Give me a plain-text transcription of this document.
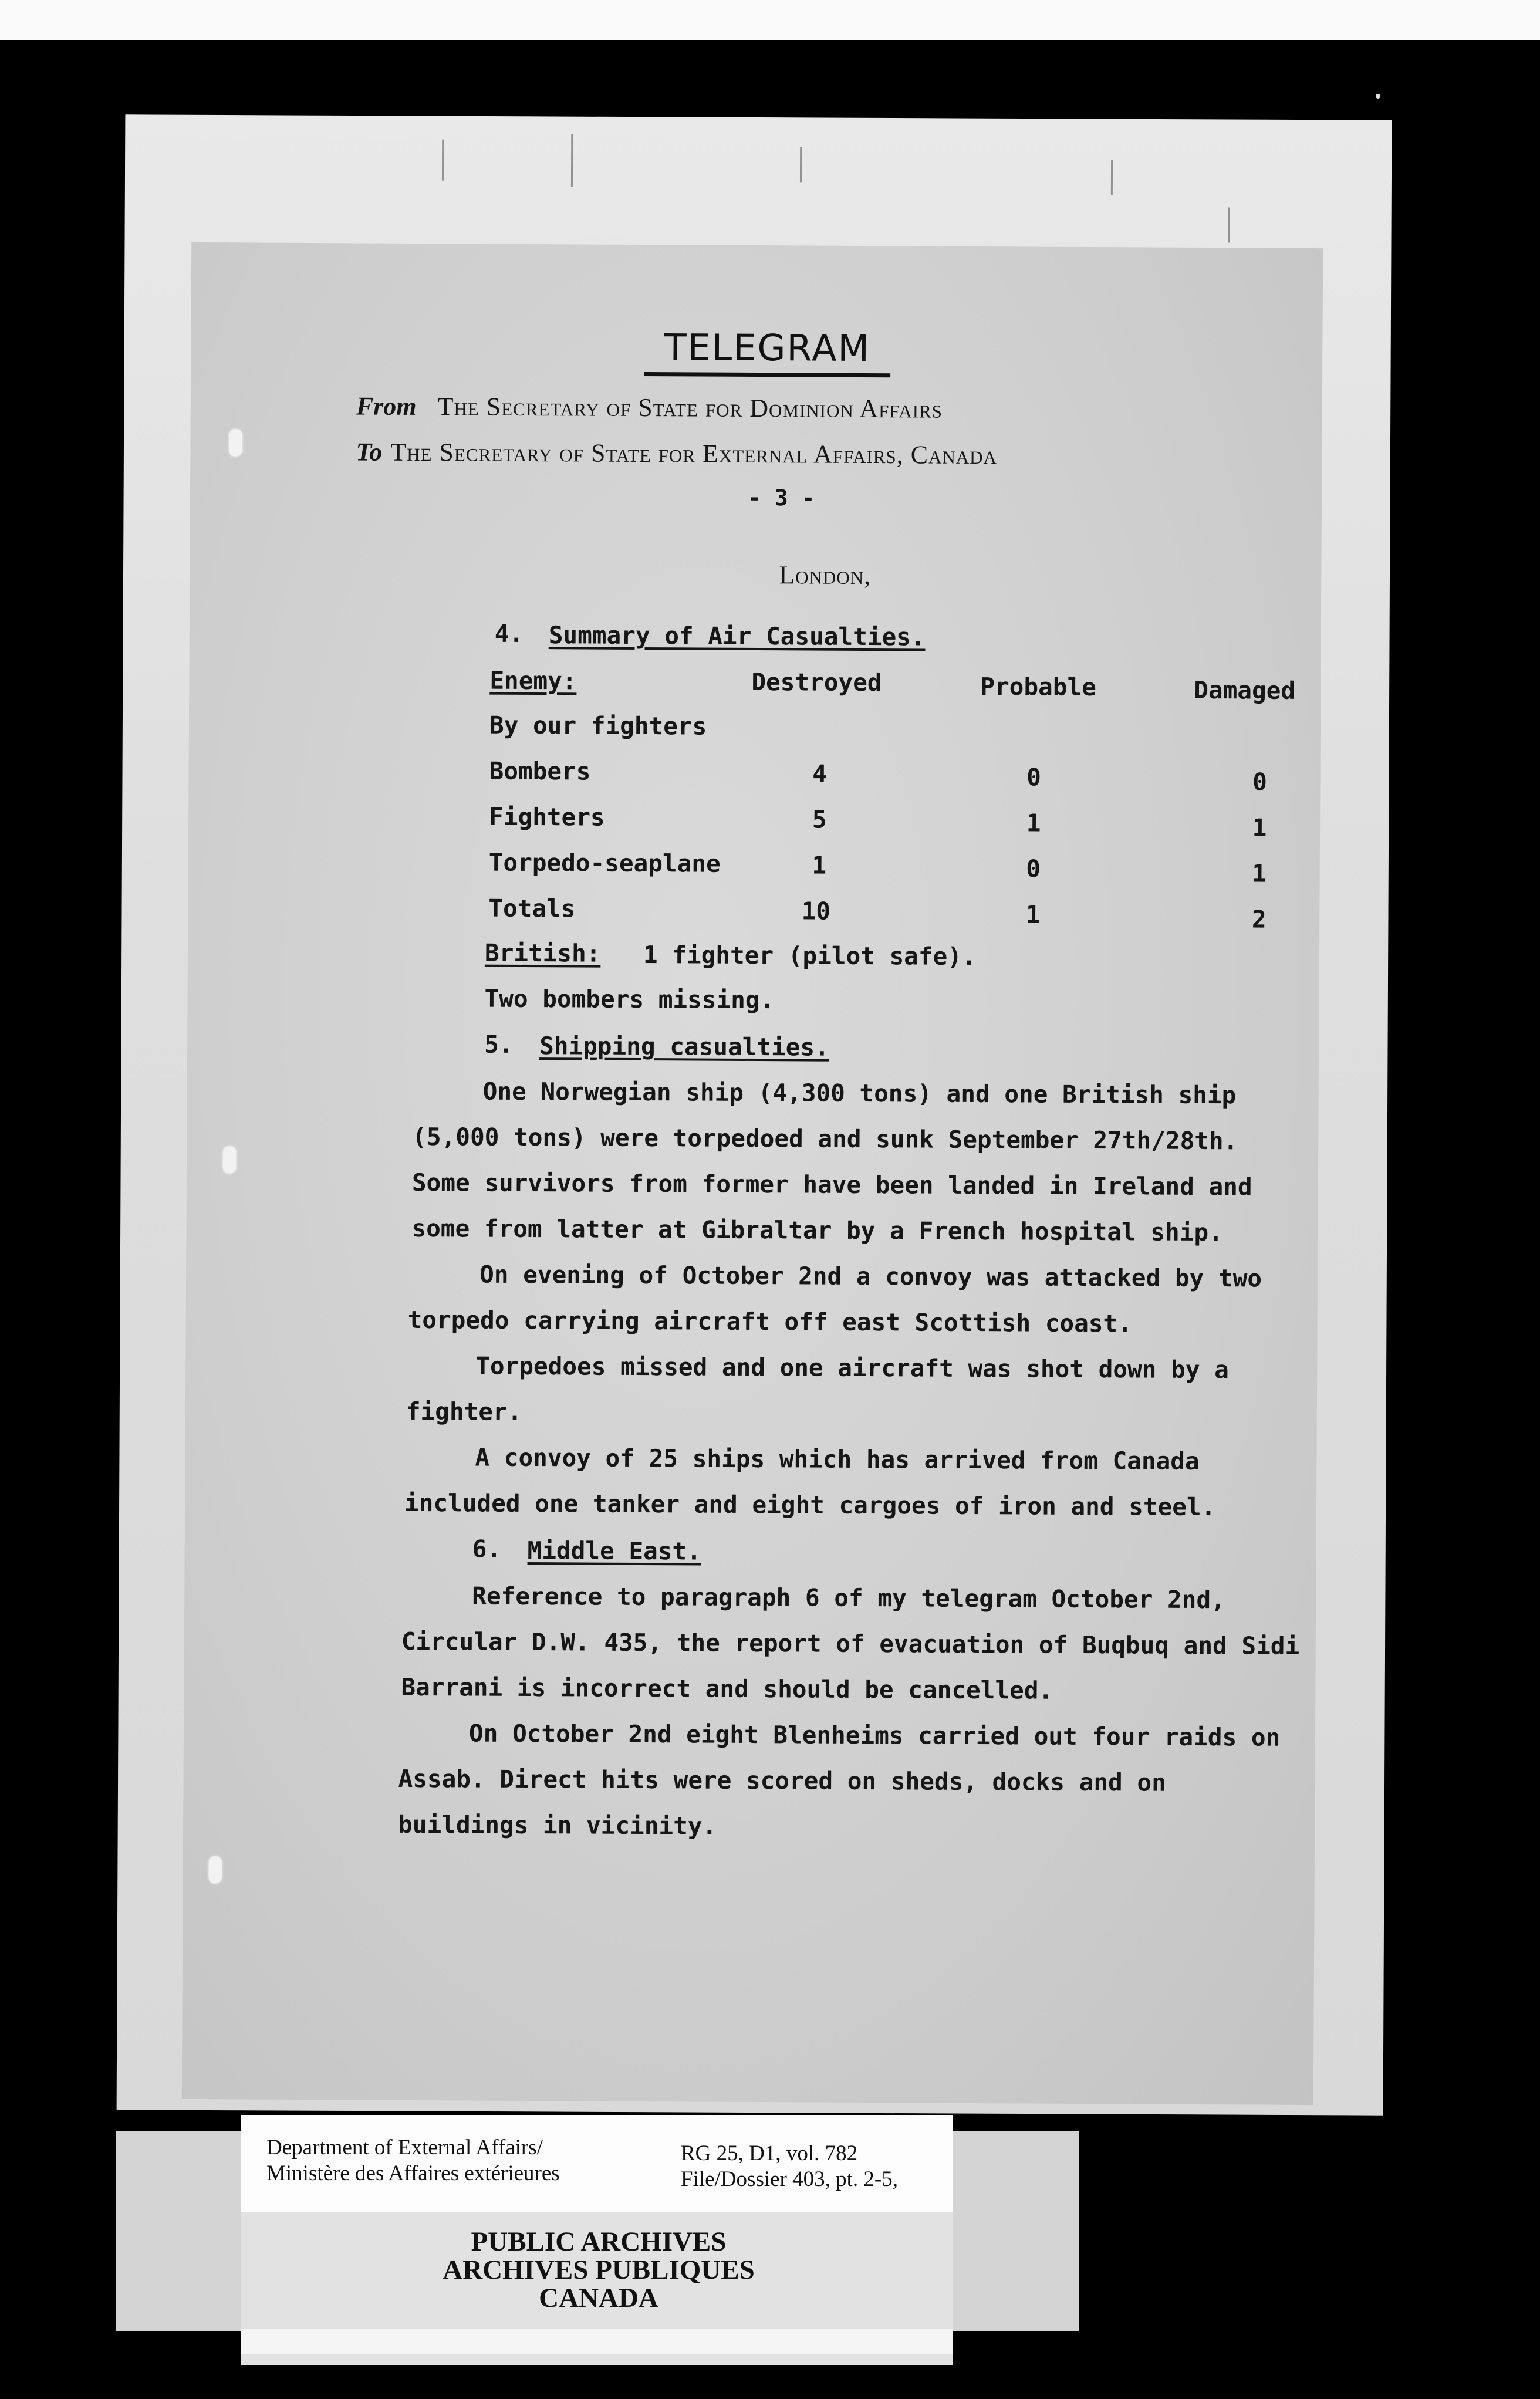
TELEGRAM
From The Secretary of State for Dominion Affairs
To The Secretary of State for External Affairs, Canada
- 3 -
London,
4. Summary of Air Casualties.
Enemy:	Destroyed	Probable	Damaged
By our fighters
Bombers	4	0	0
Fighters	5	1	1
Torpedo-seaplane	1	0	1
Totals	10	1	2
British: 1 fighter (pilot safe).
Two bombers missing.
5. Shipping casualties.
One Norwegian ship (4,300 tons) and one British ship
(5,000 tons) were torpedoed and sunk September 27th/28th.
Some survivors from former have been landed in Ireland and
some from latter at Gibraltar by a French hospital ship.
On evening of October 2nd a convoy was attacked by two
torpedo carrying aircraft off east Scottish coast.
Torpedoes missed and one aircraft was shot down by a
fighter.
A convoy of 25 ships which has arrived from Canada
included one tanker and eight cargoes of iron and steel.
6. Middle East.
Reference to paragraph 6 of my telegram October 2nd,
Circular D.W. 435, the report of evacuation of Buqbuq and Sidi
Barrani is incorrect and should be cancelled.
On October 2nd eight Blenheims carried out four raids on
Assab. Direct hits were scored on sheds, docks and on
buildings in vicinity.
Department of External Affairs/
Ministère des Affaires extérieures
RG 25, D1, vol. 782
File/Dossier 403, pt. 2-5,
PUBLIC ARCHIVES
ARCHIVES PUBLIQUES
CANADA
